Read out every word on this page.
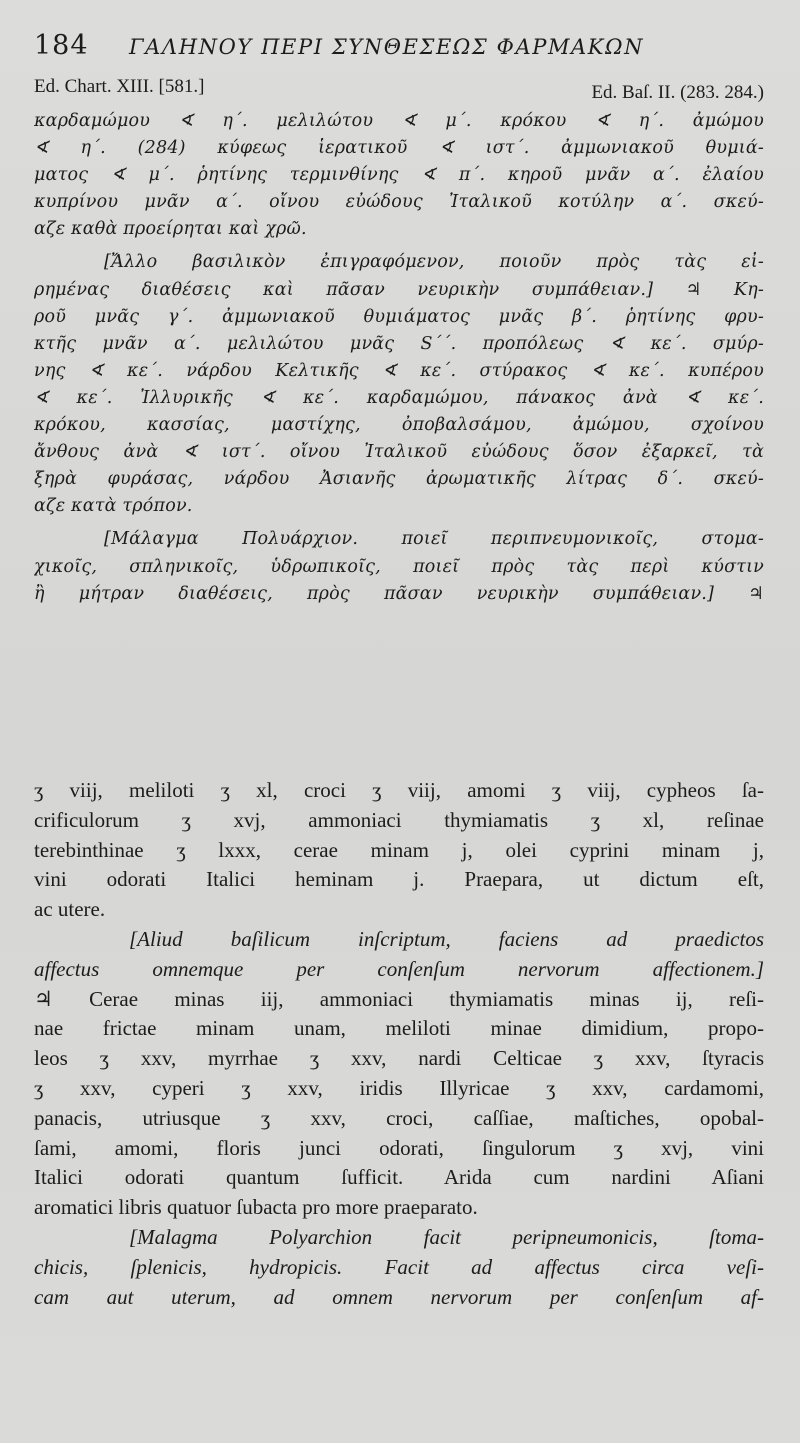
184 ΓΑΛΗΝΟΥ ΠΕΡΙ ΣΥΝΘΕΣΕΩΣ ΦΑΡΜΑΚΩΝ
Ed. Chart. XIII. [581.]	Ed. Baſ. II. (283. 284.)
καρδαμώμου ∢ η΄. μελιλώτου ∢ μ΄. κρόκου ∢ η΄. ἀμώμου
∢ η΄. (284) κύφεως ἱερατικοῦ ∢ ιστ΄. ἀμμωνιακοῦ θυμιά-
ματος ∢ μ΄. ῥητίνης τερμινθίνης ∢ π΄. κηροῦ μνᾶν α΄. ἐλαίου
κυπρίνου μνᾶν α΄. οἴνου εὐώδους Ἰταλικοῦ κοτύλην α΄. σκεύ-
αζε καθὰ προείρηται καὶ χρῶ.
[Ἄλλο βασιλικὸν ἐπιγραφόμενον, ποιοῦν πρὸς τὰς εἰ-
ρημένας διαθέσεις καὶ πᾶσαν νευρικὴν συμπάθειαν.] ♃ Κη-
ροῦ μνᾶς γ΄. ἀμμωνιακοῦ θυμιάματος μνᾶς β΄. ῥητίνης φρυ-
κτῆς μνᾶν α΄. μελιλώτου μνᾶς S΄΄. προπόλεως ∢ κε΄. σμύρ-
νης ∢ κε΄. νάρδου Κελτικῆς ∢ κε΄. στύρακος ∢ κε΄. κυπέρου
∢ κε΄. Ἰλλυρικῆς ∢ κε΄. καρδαμώμου, πάνακος ἀνὰ ∢ κε΄.
κρόκου, κασσίας, μαστίχης, ὀποβαλσάμου, ἀμώμου, σχοίνου
ἄνθους ἀνὰ ∢ ιστ΄. οἴνου Ἰταλικοῦ εὐώδους ὅσον ἐξαρκεῖ, τὰ
ξηρὰ φυράσας, νάρδου Ἀσιανῆς ἀρωματικῆς λίτρας δ΄. σκεύ-
αζε κατὰ τρόπον.
[Μάλαγμα Πολυάρχιον. ποιεῖ περιπνευμονικοῖς, στομα-
χικοῖς, σπληνικοῖς, ὑδρωπικοῖς, ποιεῖ πρὸς τὰς περὶ κύστιν
ἢ μήτραν διαθέσεις, πρὸς πᾶσαν νευρικὴν συμπάθειαν.] ♃
ʒ viij, meliloti ʒ xl, croci ʒ viij, amomi ʒ viij, cypheos ſa-
crificulorum ʒ xvj, ammoniaci thymiamatis ʒ xl, reſinae
terebinthinae ʒ lxxx, cerae minam j, olei cyprini minam j,
vini odorati Italici heminam j. Praepara, ut dictum eſt,
ac utere.
[Aliud baſilicum inſcriptum, faciens ad praedictos
affectus omnemque per conſenſum nervorum affectionem.]
♃ Cerae minas iij, ammoniaci thymiamatis minas ij, reſi-
nae frictae minam unam, meliloti minae dimidium, propo-
leos ʒ xxv, myrrhae ʒ xxv, nardi Celticae ʒ xxv, ſtyracis
ʒ xxv, cyperi ʒ xxv, iridis Illyricae ʒ xxv, cardamomi,
panacis, utriusque ʒ xxv, croci, caſſiae, maſtiches, opobal-
ſami, amomi, floris junci odorati, ſingulorum ʒ xvj, vini
Italici odorati quantum ſufficit. Arida cum nardini Aſiani
aromatici libris quatuor ſubacta pro more praeparato.
[Malagma Polyarchion facit peripneumonicis, ſtoma-
chicis, ſplenicis, hydropicis. Facit ad affectus circa veſi-
cam aut uterum, ad omnem nervorum per conſenſum af-
